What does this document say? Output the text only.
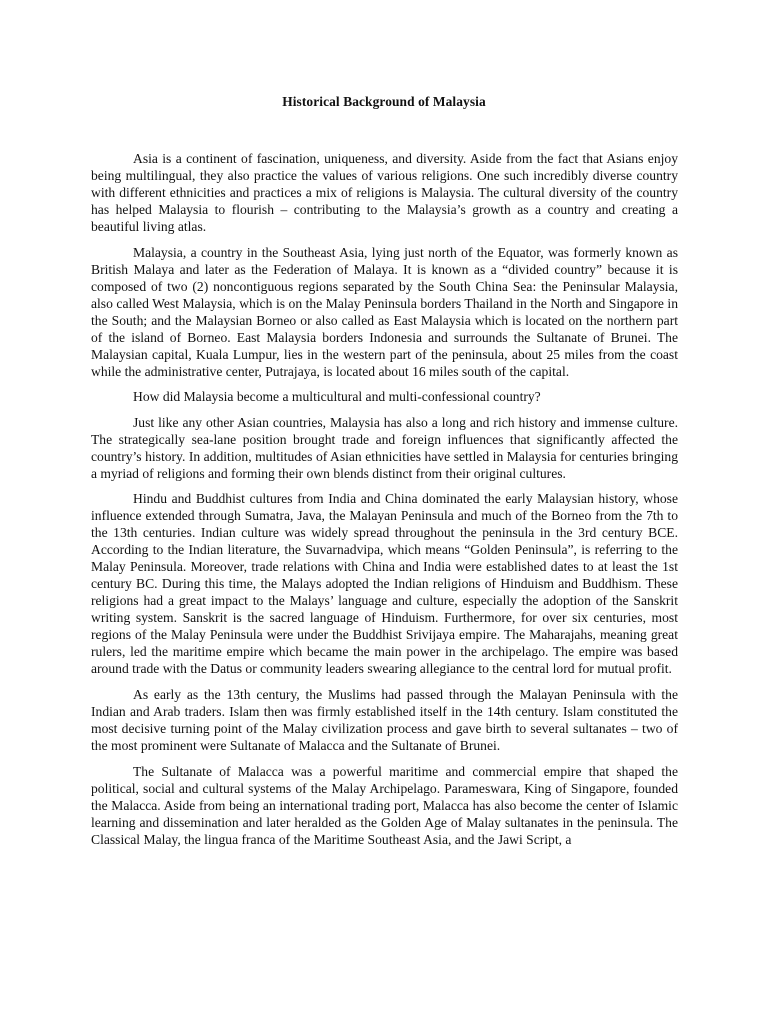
Historical Background of Malaysia

Asia is a continent of fascination, uniqueness, and diversity. Aside from the fact that Asians enjoy being multilingual, they also practice the values of various religions. One such incredibly diverse country with different ethnicities and practices a mix of religions is Malaysia. The cultural diversity of the country has helped Malaysia to flourish – contributing to the Malaysia’s growth as a country and creating a beautiful living atlas.

Malaysia, a country in the Southeast Asia, lying just north of the Equator, was formerly known as British Malaya and later as the Federation of Malaya. It is known as a “divided country” because it is composed of two (2) noncontiguous regions separated by the South China Sea: the Peninsular Malaysia, also called West Malaysia, which is on the Malay Peninsula borders Thailand in the North and Singapore in the South; and the Malaysian Borneo or also called as East Malaysia which is located on the northern part of the island of Borneo. East Malaysia borders Indonesia and surrounds the Sultanate of Brunei. The Malaysian capital, Kuala Lumpur, lies in the western part of the peninsula, about 25 miles from the coast while the administrative center, Putrajaya, is located about 16 miles south of the capital.

How did Malaysia become a multicultural and multi-confessional country?

Just like any other Asian countries, Malaysia has also a long and rich history and immense culture. The strategically sea-lane position brought trade and foreign influences that significantly affected the country’s history. In addition, multitudes of Asian ethnicities have settled in Malaysia for centuries bringing a myriad of religions and forming their own blends distinct from their original cultures.

Hindu and Buddhist cultures from India and China dominated the early Malaysian history, whose influence extended through Sumatra, Java, the Malayan Peninsula and much of the Borneo from the 7th to the 13th centuries. Indian culture was widely spread throughout the peninsula in the 3rd century BCE. According to the Indian literature, the Suvarnadvipa, which means “Golden Peninsula”, is referring to the Malay Peninsula. Moreover, trade relations with China and India were established dates to at least the 1st century BC. During this time, the Malays adopted the Indian religions of Hinduism and Buddhism. These religions had a great impact to the Malays’ language and culture, especially the adoption of the Sanskrit writing system. Sanskrit is the sacred language of Hinduism. Furthermore, for over six centuries, most regions of the Malay Peninsula were under the Buddhist Srivijaya empire. The Maharajahs, meaning great rulers, led the maritime empire which became the main power in the archipelago. The empire was based around trade with the Datus or community leaders swearing allegiance to the central lord for mutual profit.

As early as the 13th century, the Muslims had passed through the Malayan Peninsula with the Indian and Arab traders. Islam then was firmly established itself in the 14th century. Islam constituted the most decisive turning point of the Malay civilization process and gave birth to several sultanates – two of the most prominent were Sultanate of Malacca and the Sultanate of Brunei.

The Sultanate of Malacca was a powerful maritime and commercial empire that shaped the political, social and cultural systems of the Malay Archipelago. Parameswara, King of Singapore, founded the Malacca. Aside from being an international trading port, Malacca has also become the center of Islamic learning and dissemination and later heralded as the Golden Age of Malay sultanates in the peninsula. The Classical Malay, the lingua franca of the Maritime Southeast Asia, and the Jawi Script, a
